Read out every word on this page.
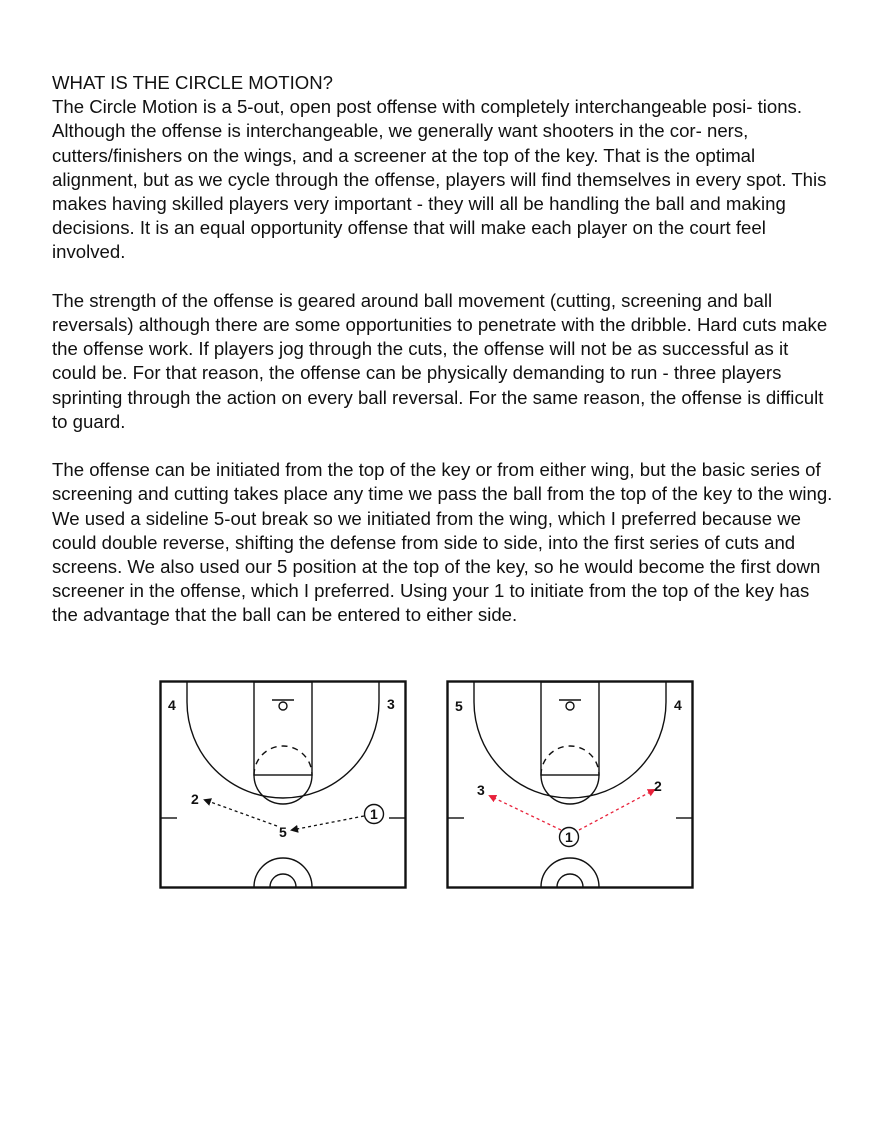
WHAT IS THE CIRCLE MOTION?

The Circle Motion is a 5-out, open post offense with completely interchangeable posi- tions. Although the offense is interchangeable, we generally want shooters in the cor- ners, cutters/finishers on the wings, and a screener at the top of the key. That is the optimal alignment, but as we cycle through the offense, players will find themselves in every spot. This makes having skilled players very important - they will all be handling the ball and making decisions. It is an equal opportunity offense that will make each player on the court feel involved.

The strength of the offense is geared around ball movement (cutting, screening and ball reversals) although there are some opportunities to penetrate with the dribble. Hard cuts make the offense work. If players jog through the cuts, the offense will not be as successful as it could be. For that reason, the offense can be physically demanding to run - three players sprinting through the action on every ball reversal. For the same reason, the offense is difficult to guard.

The offense can be initiated from the top of the key or from either wing, but the basic series of screening and cutting takes place any time we pass the ball from the top of the key to the wing. We used a sideline 5-out break so we initiated from the wing, which I preferred because we could double reverse, shifting the defense from side to side, into the first series of cuts and screens. We also used our 5 position at the top of the key, so he would become the first down screener in the offense, which I preferred. Using your 1 to initiate from the top of the key has the advantage that the ball can be entered to either side.

4	3
2
5
1
5	4
3	2
1
